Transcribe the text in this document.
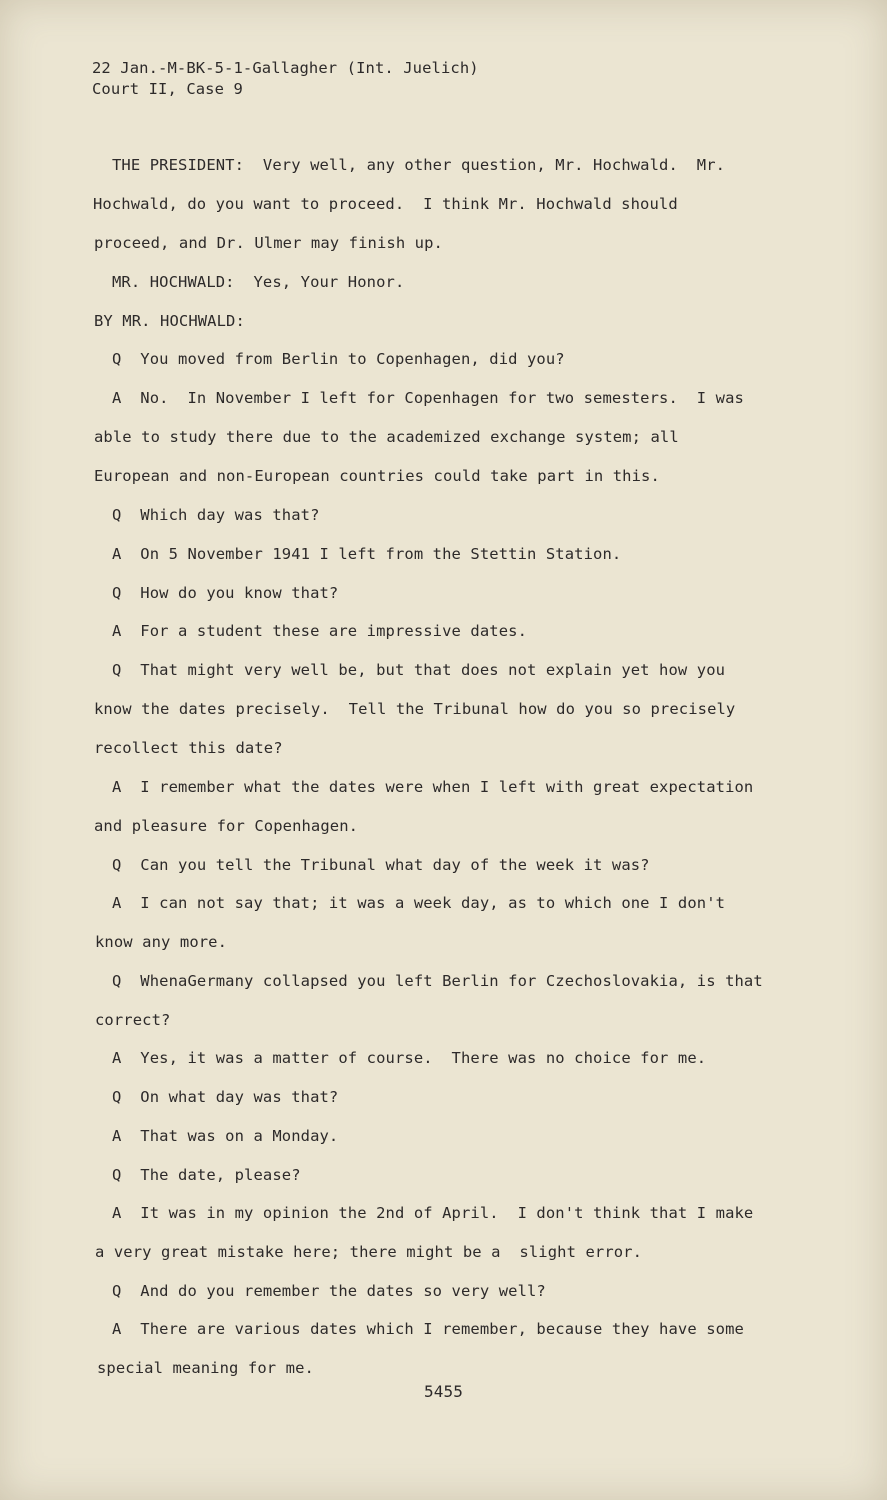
22 Jan.-M-BK-5-1-Gallagher (Int. Juelich)
Court II, Case 9
THE PRESIDENT:  Very well, any other question, Mr. Hochwald.  Mr.
Hochwald, do you want to proceed.  I think Mr. Hochwald should
proceed, and Dr. Ulmer may finish up.
MR. HOCHWALD:  Yes, Your Honor.
BY MR. HOCHWALD:
Q  You moved from Berlin to Copenhagen, did you?
A  No.  In November I left for Copenhagen for two semesters.  I was
able to study there due to the academized exchange system; all
European and non-European countries could take part in this.
Q  Which day was that?
A  On 5 November 1941 I left from the Stettin Station.
Q  How do you know that?
A  For a student these are impressive dates.
Q  That might very well be, but that does not explain yet how you
know the dates precisely.  Tell the Tribunal how do you so precisely
recollect this date?
A  I remember what the dates were when I left with great expectation
and pleasure for Copenhagen.
Q  Can you tell the Tribunal what day of the week it was?
A  I can not say that; it was a week day, as to which one I don't
know any more.
Q  WhenaGermany collapsed you left Berlin for Czechoslovakia, is that
correct?
A  Yes, it was a matter of course.  There was no choice for me.
Q  On what day was that?
A  That was on a Monday.
Q  The date, please?
A  It was in my opinion the 2nd of April.  I don't think that I make
a very great mistake here; there might be a  slight error.
Q  And do you remember the dates so very well?
A  There are various dates which I remember, because they have some
special meaning for me.
5455
